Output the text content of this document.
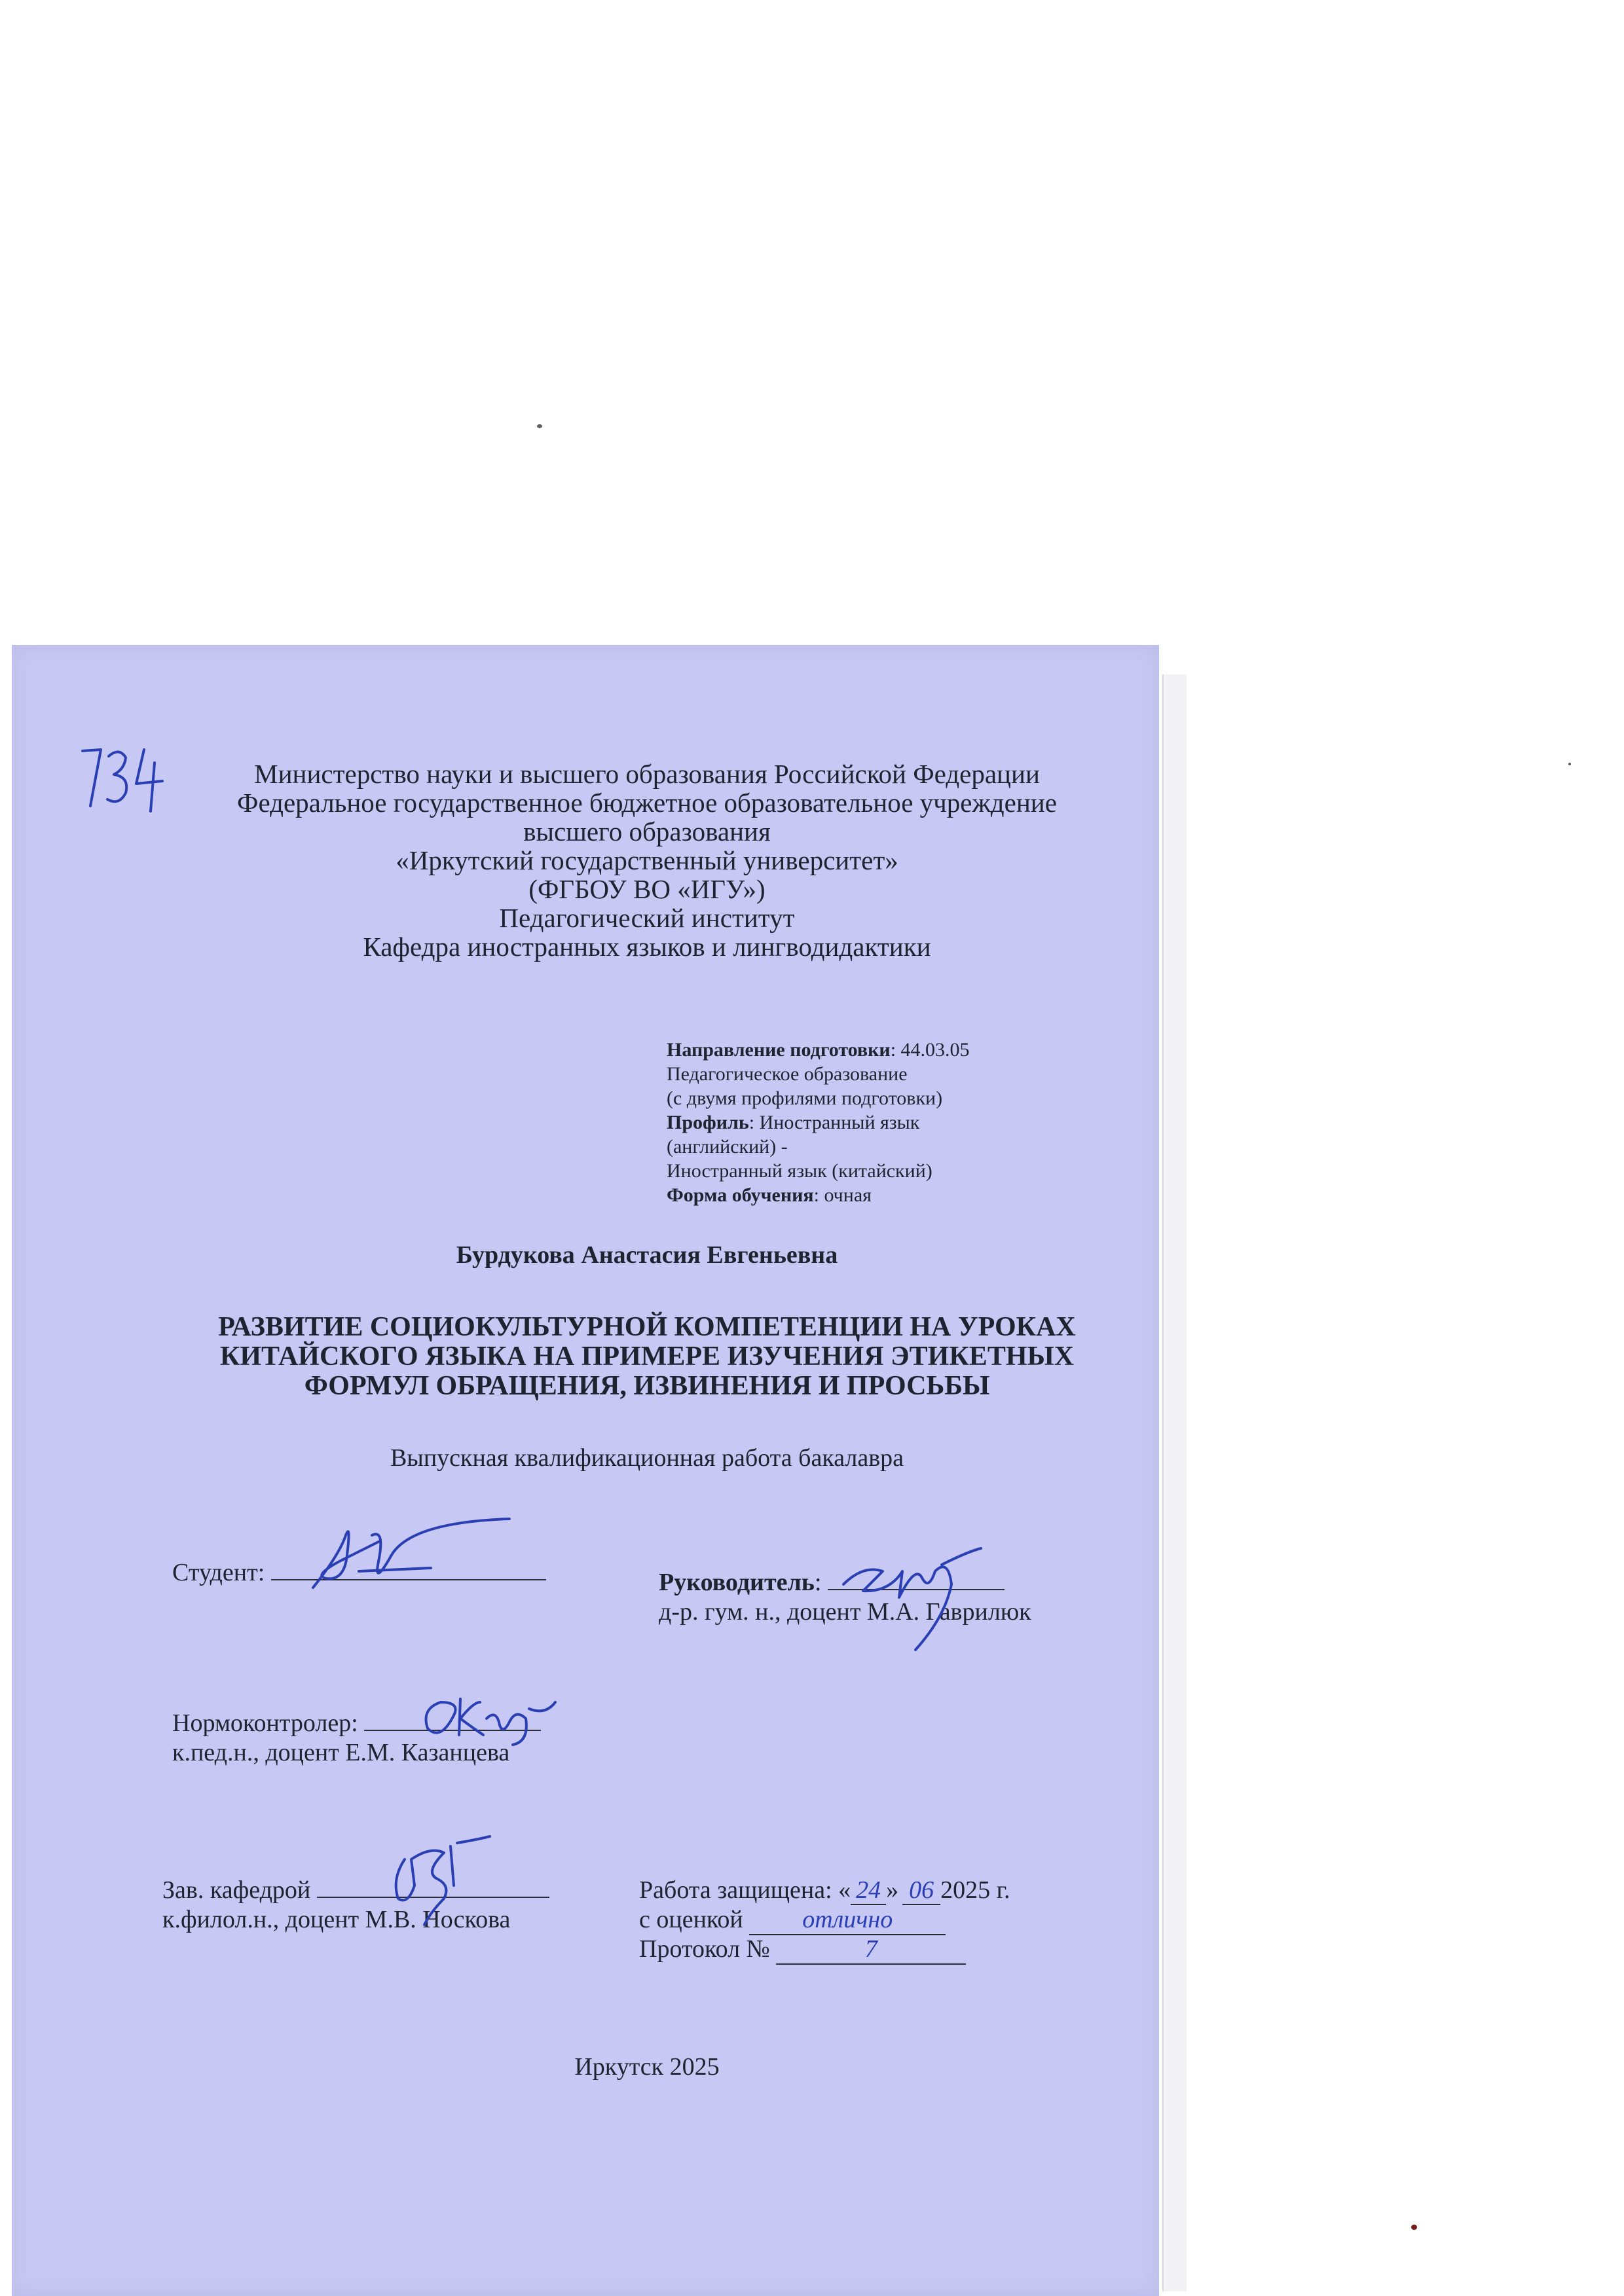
Министерство науки и высшего образования Российской Федерации
Федеральное государственное бюджетное образовательное учреждение
высшего образования
«Иркутский государственный университет»
(ФГБОУ ВО «ИГУ»)
Педагогический институт
Кафедра иностранных языков и лингводидактики
Направление подготовки: 44.03.05
Педагогическое образование
(с двумя профилями подготовки)
Профиль: Иностранный язык
(английский) -
Иностранный язык (китайский)
Форма обучения: очная
Бурдукова Анастасия Евгеньевна
РАЗВИТИЕ СОЦИОКУЛЬТУРНОЙ КОМПЕТЕНЦИИ НА УРОКАХ
КИТАЙСКОГО ЯЗЫКА НА ПРИМЕРЕ ИЗУЧЕНИЯ ЭТИКЕТНЫХ
ФОРМУЛ ОБРАЩЕНИЯ, ИЗВИНЕНИЯ И ПРОСЬБЫ
Выпускная квалификационная работа бакалавра
Студент:	Руководитель:
д-р. гум. н., доцент М.А. Гаврилюк
Нормоконтролер:
к.пед.н., доцент Е.М. Казанцева
Зав. кафедрой
к.филол.н., доцент М.В. Носкова
Работа защищена: « 24 » 06 2025 г.
с оценкой отлично
Протокол №	7
Иркутск 2025
